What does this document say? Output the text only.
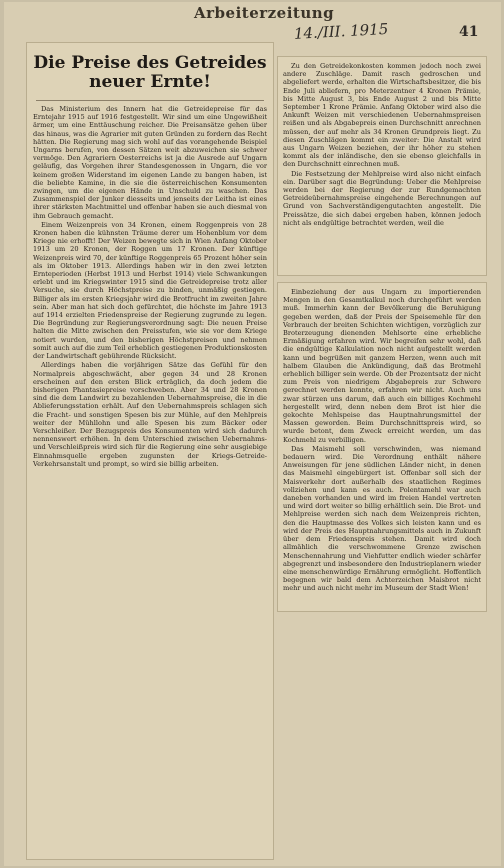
Arbeiterzeitung
14./III. 1915	41
Die Preise des Getreides
neuer Ernte!

Das Ministerium des Innern hat die Getreidepreise für das Erntejahr 1915 auf 1916 festgestellt. Wir sind um eine Ungewißheit ärmer, um eine Enttäuschung reicher. Die Preisansätze gehen über das hinaus, was die Agrarier mit guten Gründen zu fordern das Recht hätten. Die Regierung mag sich wohl auf das vorangehende Beispiel Ungarns berufen, von dessen Sätzen weit abzuweichen sie schwer vermöge. Den Agrariern Oesterreichs ist ja die Ausrede auf Ungarn geläufig, das Vorgehen ihrer Standesgenossen in Ungarn, die vor keinem großen Widerstand im eigenen Lande zu bangen haben, ist die beliebte Kamine, in die sie die österreichischen Konsumenten zwingen, um die eigenen Hände in Unschuld zu waschen. Das Zusammenspiel der Junker diesseits und jenseits der Leitha ist eines ihrer stärksten Machtmittel und offenbar haben sie auch diesmal von ihm Gebrauch gemacht.

Einem Weizenpreis von 34 Kronen, einem Roggenpreis von 28 Kronen haben die kühnsten Träume derer um Hohenblum vor dem Kriege nie erhofft! Der Weizen bewegte sich in Wien Anfang Oktober 1913 um 20 Kronen, der Roggen um 17 Kronen. Der künftige Weizenpreis wird 70, der künftige Roggenpreis 65 Prozent höher sein als im Oktober 1913. Allerdings haben wir in den zwei letzten Ernteperioden (Herbst 1913 und Herbst 1914) viele Schwankungen erlebt und im Kriegswinter 1915 sind die Getreidepreise trotz aller Versuche, sie durch Höchstpreise zu binden, unmäßig gestiegen. Billiger als im ersten Kriegsjahr wird die Brotfrucht im zweiten Jahre sein. Aber man hat sich doch gefürchtet, die höchste im Jahre 1913 auf 1914 erzielten Friedenspreise der Regierung zugrunde zu legen. Die Begründung zur Regierungsverordnung sagt: Die neuen Preise halten die Mitte zwischen den Preisstufen, wie sie vor dem Kriege notiert wurden, und den bisherigen Höchstpreisen und nehmen somit auch auf die zum Teil erheblich gestiegenen Produktionskosten der Landwirtschaft gebührende Rücksicht.

Allerdings haben die vorjährigen Sätze das Gefühl für den Normalpreis abgeschwächt, aber gegen 34 und 28 Kronen erscheinen auf den ersten Blick erträglich, da doch jedem die bisherigen Phantasiepreise vorschweben. Aber 34 und 28 Kronen sind die dem Landwirt zu bezahlenden Uebernahmspreise, die in die Ablieferungsstation erhält. Auf den Uebernahmspreis schlagen sich die Fracht- und sonstigen Spesen bis zur Mühle, auf den Mehlpreis weiter der Mühllohn und alle Spesen bis zum Bäcker oder Verschleißer. Der Bezugspreis des Konsumenten wird sich dadurch nennenswert erhöhen. In dem Unterschied zwischen Uebernahms- und Verschleißpreis wird sich für die Regierung eine sehr ausgiebige Einnahmsquelle ergeben zugunsten der Kriegs-Getreide-Verkehrsanstalt und prompt, so wird sie billig arbeiten.

Zu den Getreidekonkosten kommen jedoch noch zwei andere Zuschläge. Damit rasch gedroschen und abgeliefert werde, erhalten die Wirtschaftsbesitzer, die bis Ende Juli abliefern, pro Meterzentner 4 Kronen Prämie, bis Mitte August 3, bis Ende August 2 und bis Mitte September 1 Krone Prämie. Anfang Oktober wird also die Ankunft Weizen mit verschiedenen Uebernahmspreisen reißen und als Abgabepreis einen Durchschnitt anrechnen müssen, der auf mehr als 34 Kronen Grundpreis liegt. Zu diesen Zuschlägen kommt ein zweiter: Die Anstalt wird aus Ungarn Weizen beziehen, der ihr höher zu stehen kommt als der inländische, den sie ebenso gleichfalls in den Durchschnitt einrechnen muß.

Die Festsetzung der Mehlpreise wird also nicht einfach ein. Darüber sagt die Begründung: Ueber die Mehlpreise werden bei der Regierung der zur Rundgemachten Getreideübernahmspreise eingehende Berechnungen auf Grund von Sachverständigengutachten angestellt. Die Preissätze, die sich dabei ergeben haben, können jedoch nicht als endgültige betrachtet werden, weil die

Einbeziehung der aus Ungarn zu importierenden Mengen in den Gesamtkalkul noch durchgeführt werden muß. Immerhin kann der Bevölkerung die Beruhigung gegeben werden, daß der Preis der Speisemehle für den Verbrauch der breiten Schichten wichtigen, vorzüglich zur Broterzeugung dienenden Mehlsorte eine erhebliche Ermäßigung erfahren wird. Wir begreifen sehr wohl, daß die endgültige Kalkulation noch nicht aufgestellt werden kann und begrüßen mit ganzem Herzen, wenn auch mit halbem Glauben die Ankündigung, daß das Brotmehl erheblich billiger sein werde. Ob der Prozentsatz der nicht zum Preis von niedrigem Abgabepreis zur Schwere gerechnet werden konnte, erfahren wir nicht. Auch uns zwar stürzen uns darum, daß auch ein billiges Kochmehl hergestellt wird, denn neben dem Brot ist hier die gekochte Mehlspeise das Hauptnahrungsmittel der Massen geworden. Beim Durchschnittspreis wird, so wurde betont, dem Zweck erreicht werden, um das Kochmehl zu verbilligen.

Das Maismehl soll verschwinden, was niemand bedauern wird. Die Verordnung enthält nähere Anweisungen für jene südlichen Länder nicht, in denen das Maismehl eingebürgert ist. Offenbar soll sich der Maisverkehr dort außerhalb des staatlichen Regimes vollziehen und kann es auch. Polentamehl war auch daneben vorhanden und wird im freien Handel vertreten und wird dort weiter so billig erhältlich sein. Die Brot- und Mehlpreise werden sich nach dem Weizenpreis richten, den die Hauptmasse des Volkes sich leisten kann und es wird der Preis des Hauptnahrungsmittels auch in Zukunft über dem Friedenspreis stehen. Damit wird doch allmählich die verschwommene Grenze zwischen Menschennahrung und Viehfutter endlich wieder schärfer abgegrenzt und insbesondere den Industrieplanern wieder eine menschenwürdige Ernährung ermöglicht. Hoffentlich begegnen wir bald dem Achterzeichen Maisbrot nicht mehr und auch nicht mehr im Museum der Stadt Wien!
